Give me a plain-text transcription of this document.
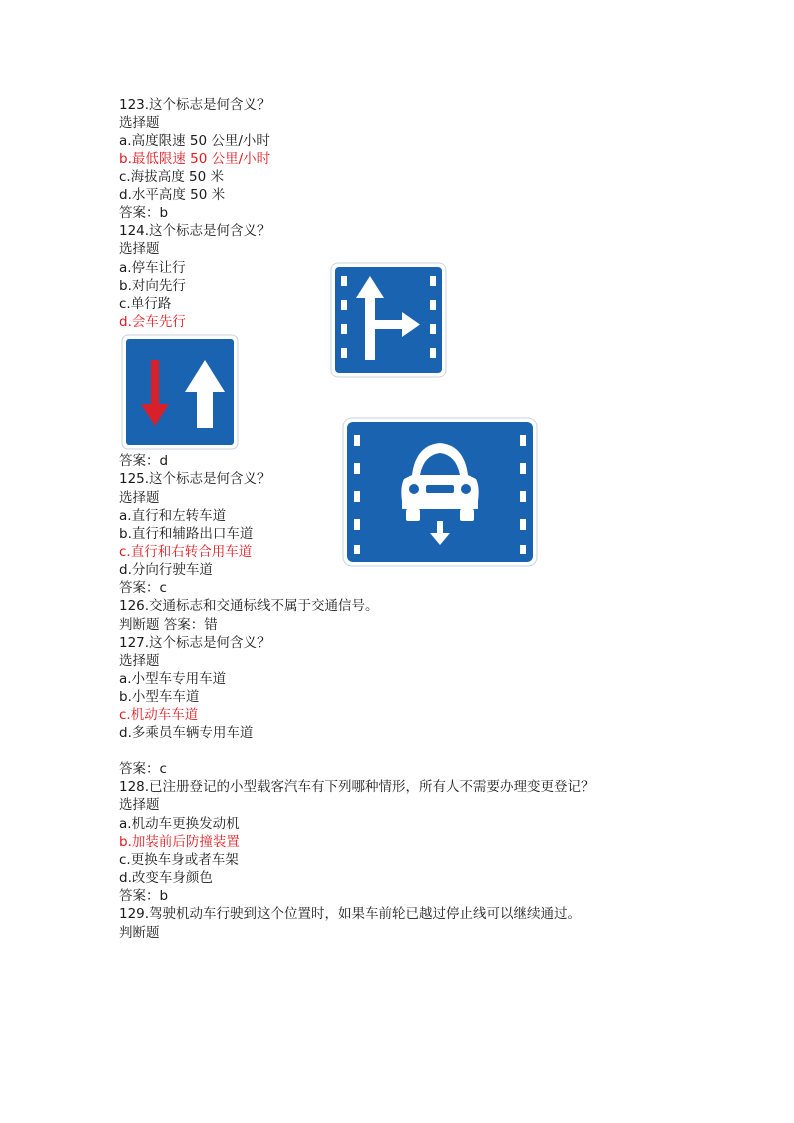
123.这个标志是何含义？
选择题
a.高度限速 50 公里/小时
b.最低限速 50 公里/小时
c.海拔高度 50 米
d.水平高度 50 米
答案：b
124.这个标志是何含义？
选择题
a.停车让行
b.对向先行
c.单行路
d.会车先行
答案：d
125.这个标志是何含义？
选择题
a.直行和左转车道
b.直行和辅路出口车道
c.直行和右转合用车道
d.分向行驶车道
答案：c
126.交通标志和交通标线不属于交通信号。
判断题 答案：错
127.这个标志是何含义？
选择题
a.小型车专用车道
b.小型车车道
c.机动车车道
d.多乘员车辆专用车道
答案：c
128.已注册登记的小型载客汽车有下列哪种情形，所有人不需要办理变更登记？
选择题
a.机动车更换发动机
b.加装前后防撞装置
c.更换车身或者车架
d.改变车身颜色
答案：b
129.驾驶机动车行驶到这个位置时，如果车前轮已越过停止线可以继续通过。
判断题
